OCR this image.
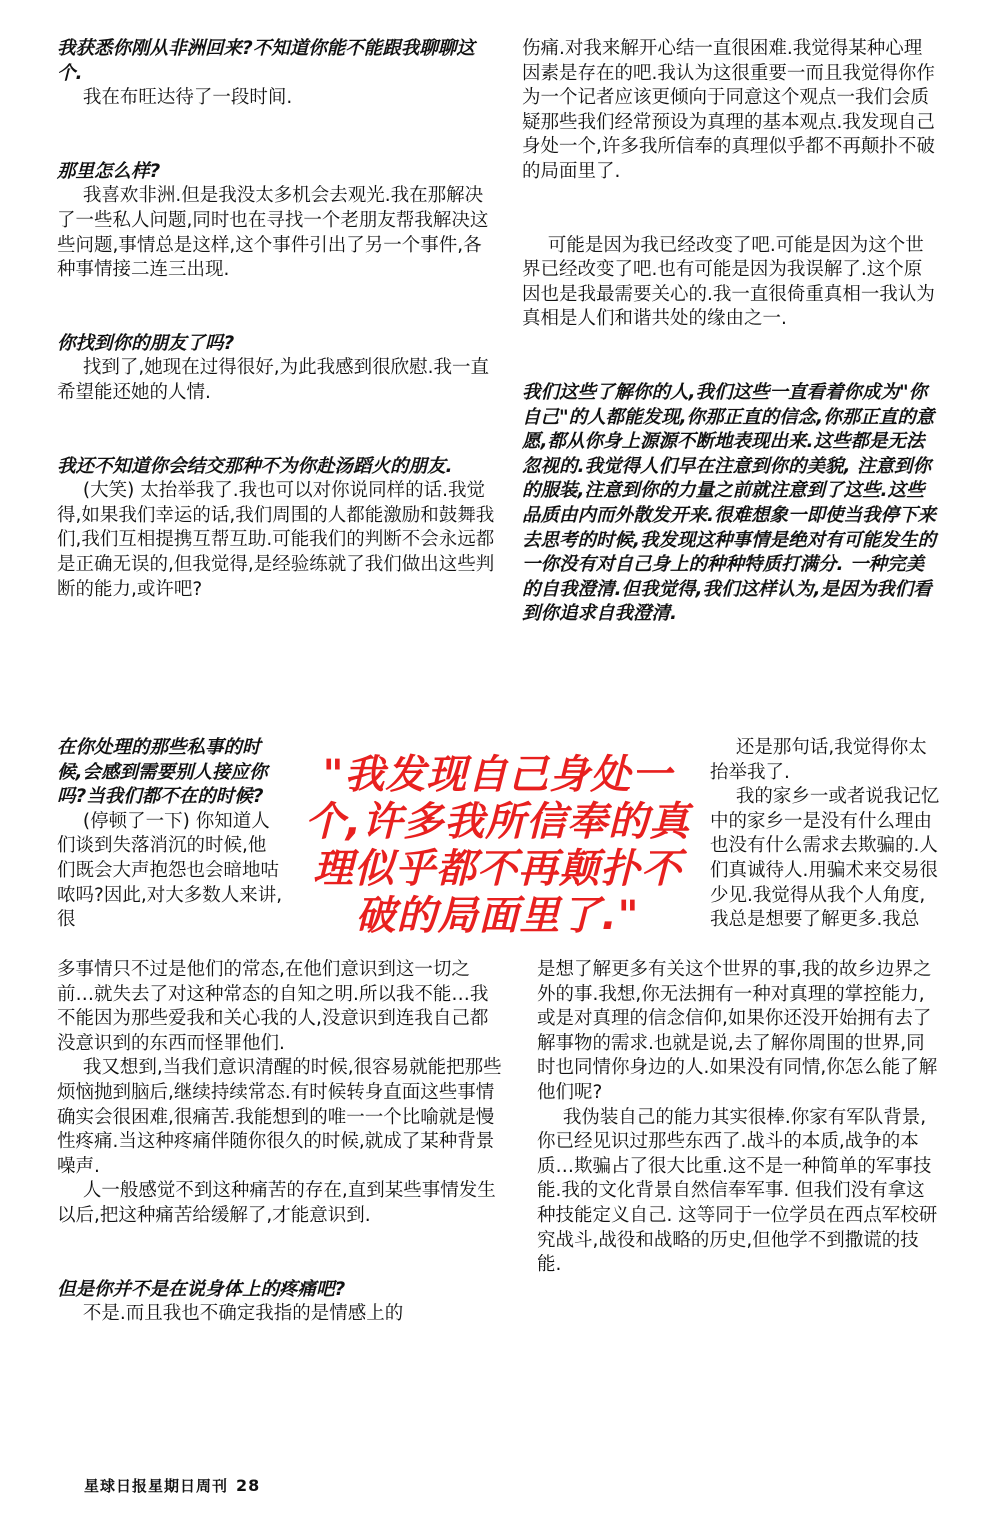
我获悉你刚从非洲回来?不知道你能不能跟我聊聊这个.
我在布旺达待了一段时间.
那里怎么样?
我喜欢非洲.但是我没太多机会去观光.我在那解决了一些私人问题,同时也在寻找一个老朋友帮我解决这些问题,事情总是这样,这个事件引出了另一个事件,各种事情接二连三出现.
你找到你的朋友了吗?
找到了,她现在过得很好,为此我感到很欣慰.我一直希望能还她的人情.
我还不知道你会结交那种不为你赴汤蹈火的朋友.
(大笑) 太抬举我了.我也可以对你说同样的话.我觉得,如果我们幸运的话,我们周围的人都能激励和鼓舞我们,我们互相提携互帮互助.可能我们的判断不会永远都是正确无误的,但我觉得,是经验练就了我们做出这些判断的能力,或许吧?
伤痛.对我来解开心结一直很困难.我觉得某种心理因素是存在的吧.我认为这很重要一而且我觉得你作为一个记者应该更倾向于同意这个观点一我们会质疑那些我们经常预设为真理的基本观点.我发现自己身处一个,许多我所信奉的真理似乎都不再颠扑不破的局面里了.
可能是因为我已经改变了吧.可能是因为这个世界已经改变了吧.也有可能是因为我误解了.这个原因也是我最需要关心的.我一直很倚重真相一我认为真相是人们和谐共处的缘由之一.
我们这些了解你的人,我们这些一直看着你成为"你自己"的人都能发现,你那正直的信念,你那正直的意愿,都从你身上源源不断地表现出来.这些都是无法忽视的.我觉得人们早在注意到你的美貌, 注意到你的服装,注意到你的力量之前就注意到了这些.这些品质由内而外散发开来.很难想象一即使当我停下来去思考的时候,我发现这种事情是绝对有可能发生的一你没有对自己身上的种种特质打满分. 一种完美的自我澄清.但我觉得,我们这样认为,是因为我们看到你追求自我澄清.
在你处理的那些私事的时候,会感到需要别人接应你吗?当我们都不在的时候?
(停顿了一下) 你知道人们谈到失落消沉的时候,他们既会大声抱怨也会暗地咕哝吗?因此,对大多数人来讲,很
多事情只不过是他们的常态,在他们意识到这一切之前…就失去了对这种常态的自知之明.所以我不能…我不能因为那些爱我和关心我的人,没意识到连我自己都没意识到的东西而怪罪他们.
我又想到,当我们意识清醒的时候,很容易就能把那些烦恼抛到脑后,继续持续常态.有时候转身直面这些事情确实会很困难,很痛苦.我能想到的唯一一个比喻就是慢性疼痛.当这种疼痛伴随你很久的时候,就成了某种背景噪声.
人一般感觉不到这种痛苦的存在,直到某些事情发生以后,把这种痛苦给缓解了,才能意识到.
但是你并不是在说身体上的疼痛吧?
不是.而且我也不确定我指的是情感上的
还是那句话,我觉得你太抬举我了.
我的家乡一或者说我记忆中的家乡一是没有什么理由也没有什么需求去欺骗的.人们真诚待人.用骗术来交易很少见.我觉得从我个人角度,我总是想要了解更多.我总
是想了解更多有关这个世界的事,我的故乡边界之外的事.我想,你无法拥有一种对真理的掌控能力,或是对真理的信念信仰,如果你还没开始拥有去了解事物的需求.也就是说,去了解你周围的世界,同时也同情你身边的人.如果没有同情,你怎么能了解他们呢?
我伪装自己的能力其实很棒.你家有军队背景,你已经见识过那些东西了.战斗的本质,战争的本质…欺骗占了很大比重.这不是一种简单的军事技能.我的文化背景自然信奉军事. 但我们没有拿这种技能定义自己. 这等同于一位学员在西点军校研究战斗,战役和战略的历史,但他学不到撒谎的技能.
"我发现自己身处一个,许多我所信奉的真理似乎都不再颠扑不破的局面里了."
星球日报星期日周刊 28
